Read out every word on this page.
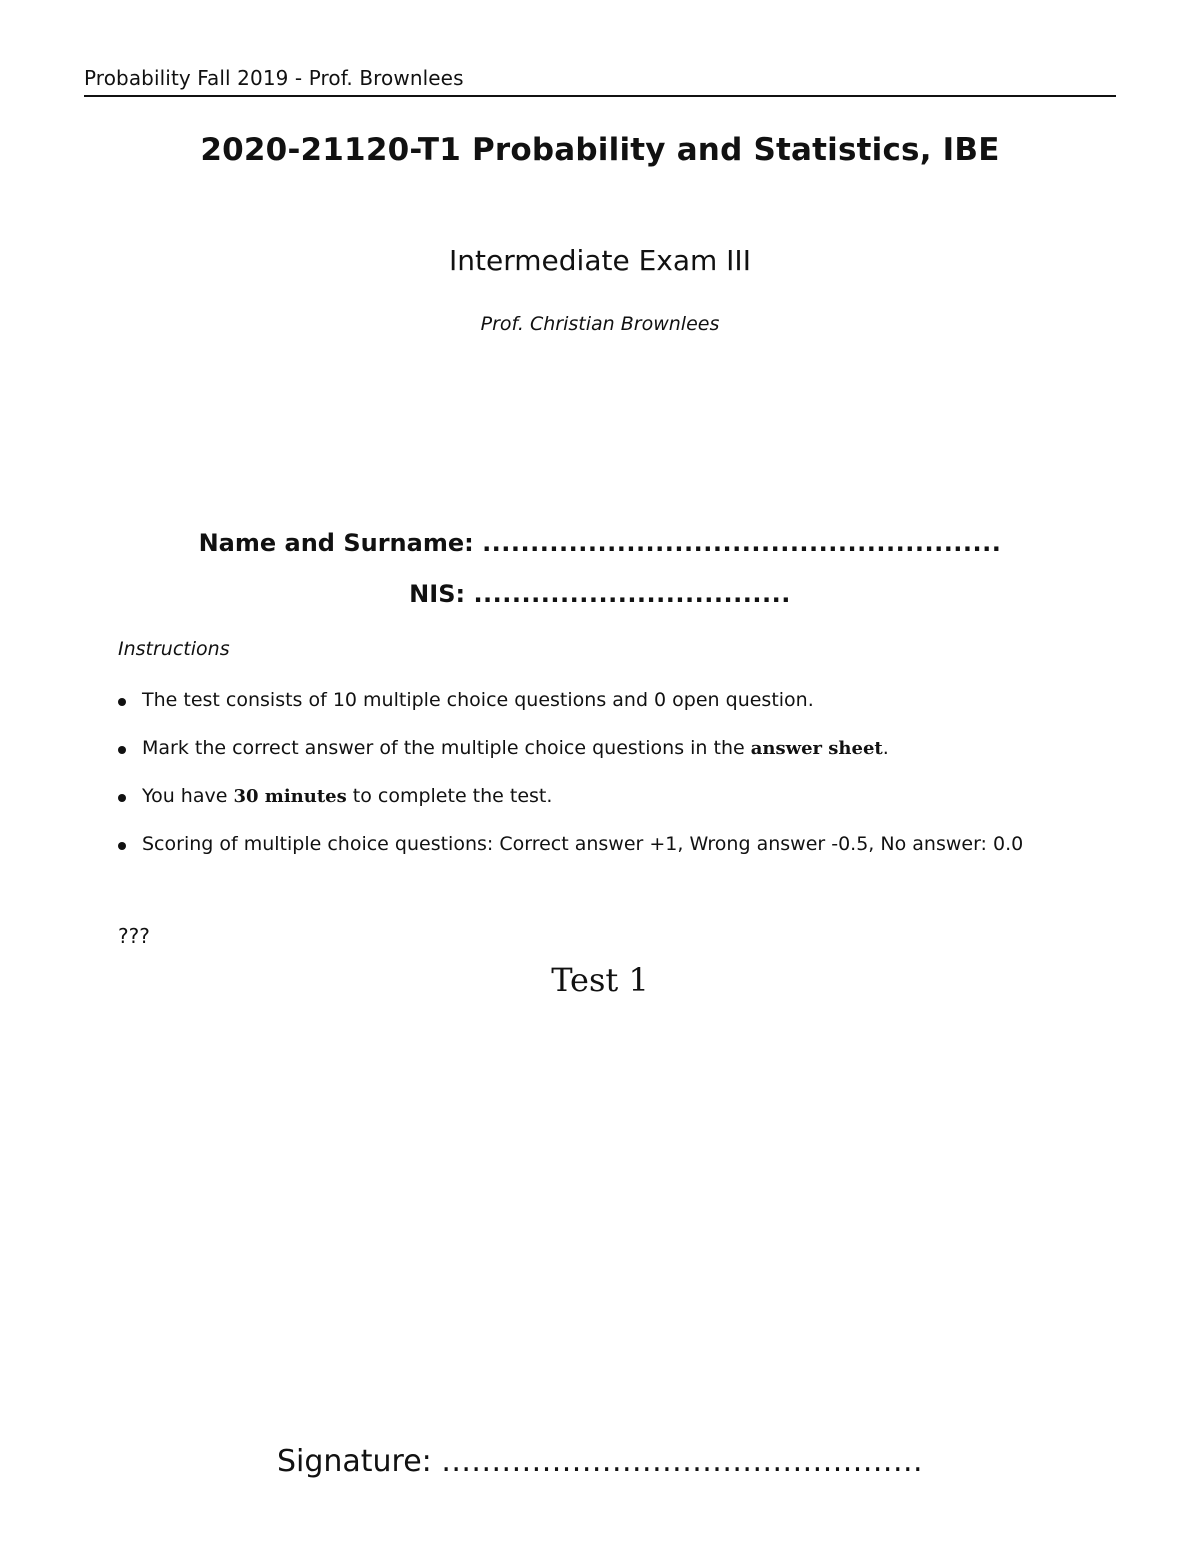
Probability Fall 2019 - Prof. Brownlees
2020-21120-T1 Probability and Statistics, IBE
Intermediate Exam III
Prof. Christian Brownlees
Name and Surname: ......................................................
NIS: .................................
Instructions
The test consists of 10 multiple choice questions and 0 open question.
Mark the correct answer of the multiple choice questions in the answer sheet.
You have 30 minutes to complete the test.
Scoring of multiple choice questions: Correct answer +1, Wrong answer -0.5, No answer: 0.0
???
Test 1
Signature: ................................................
